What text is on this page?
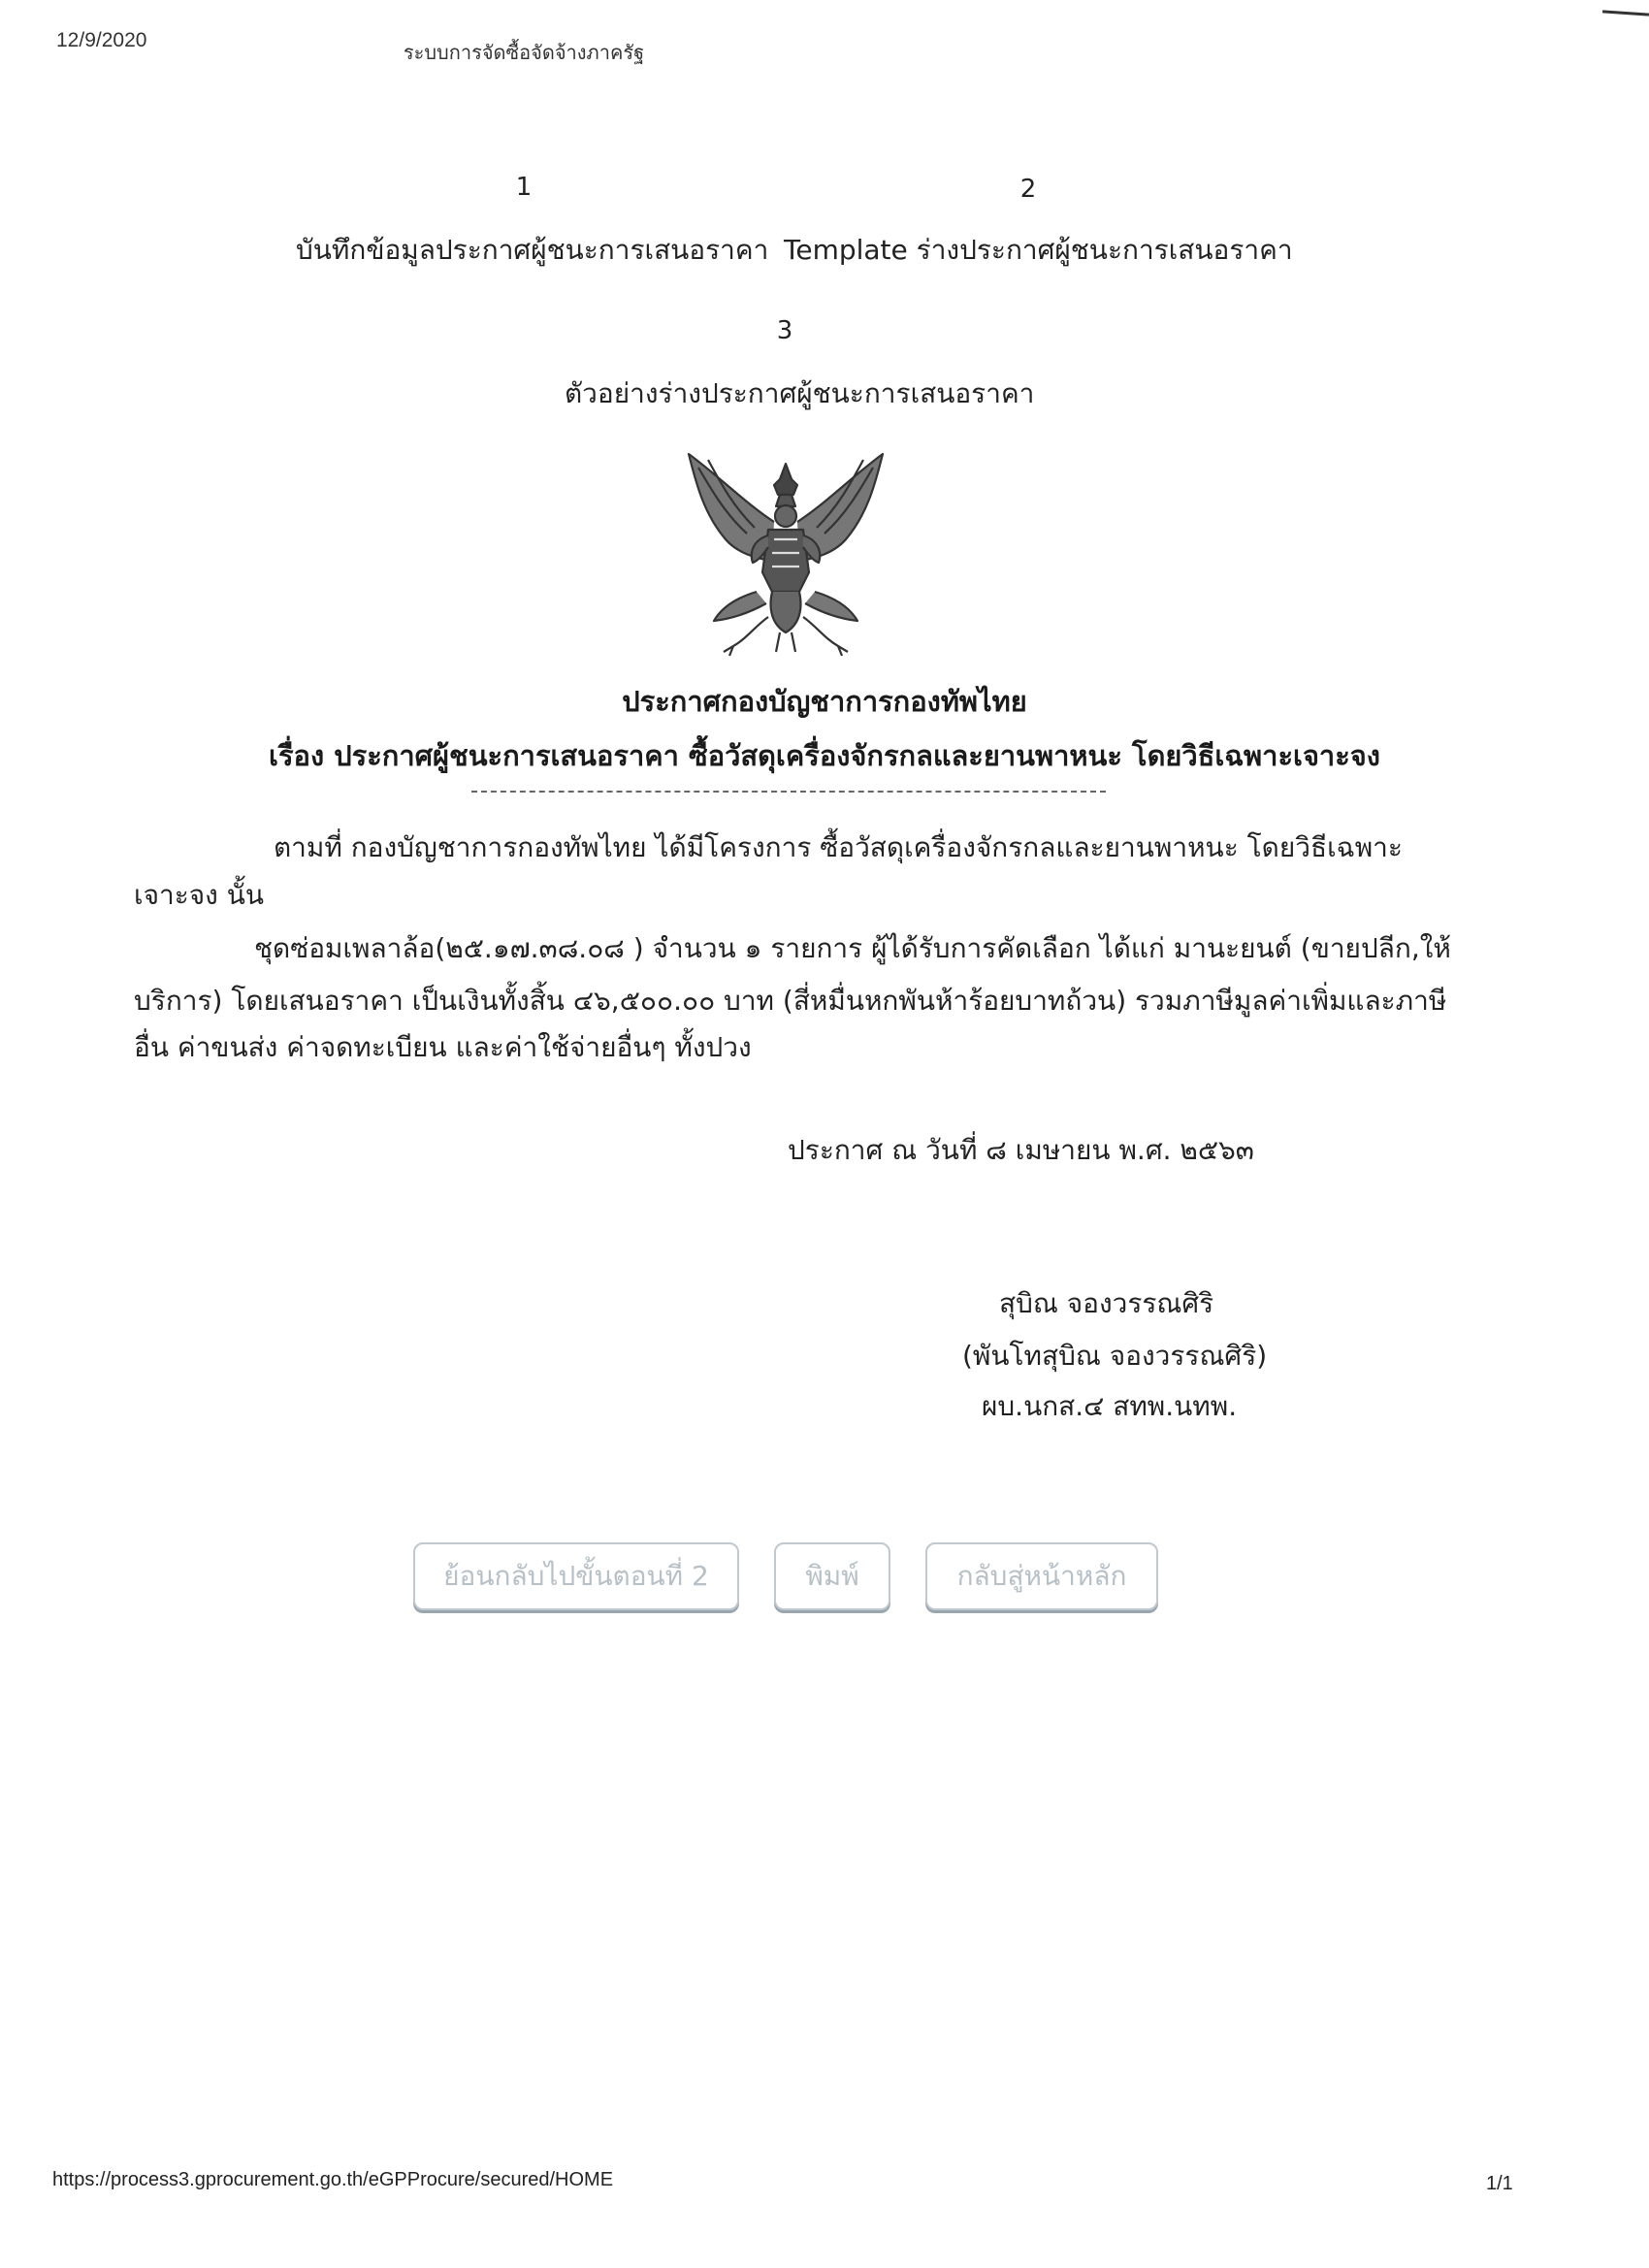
12/9/2020
ระบบการจัดซื้อจัดจ้างภาครัฐ
1
บันทึกข้อมูลประกาศผู้ชนะการเสนอราคา
2
Template ร่างประกาศผู้ชนะการเสนอราคา
3
ตัวอย่างร่างประกาศผู้ชนะการเสนอราคา
ประกาศกองบัญชาการกองทัพไทย
เรื่อง ประกาศผู้ชนะการเสนอราคา ซื้อวัสดุเครื่องจักรกลและยานพาหนะ โดยวิธีเฉพาะเจาะจง
ตามที่ กองบัญชาการกองทัพไทย ได้มีโครงการ ซื้อวัสดุเครื่องจักรกลและยานพาหนะ โดยวิธีเฉพาะ
เจาะจง นั้น
ชุดซ่อมเพลาล้อ(๒๕.๑๗.๓๘.๐๘ ) จำนวน ๑ รายการ ผู้ได้รับการคัดเลือก ได้แก่ มานะยนต์ (ขายปลีก,ให้
บริการ) โดยเสนอราคา เป็นเงินทั้งสิ้น ๔๖,๕๐๐.๐๐ บาท (สี่หมื่นหกพันห้าร้อยบาทถ้วน) รวมภาษีมูลค่าเพิ่มและภาษี
อื่น ค่าขนส่ง ค่าจดทะเบียน และค่าใช้จ่ายอื่นๆ ทั้งปวง
ประกาศ ณ วันที่ ๘ เมษายน พ.ศ. ๒๕๖๓
สุบิณ จองวรรณศิริ
(พันโทสุบิณ จองวรรณศิริ)
ผบ.นกส.๔ สทพ.นทพ.
ย้อนกลับไปขั้นตอนที่ 2	พิมพ์	กลับสู่หน้าหลัก
https://process3.gprocurement.go.th/eGPProcure/secured/HOME	1/1
